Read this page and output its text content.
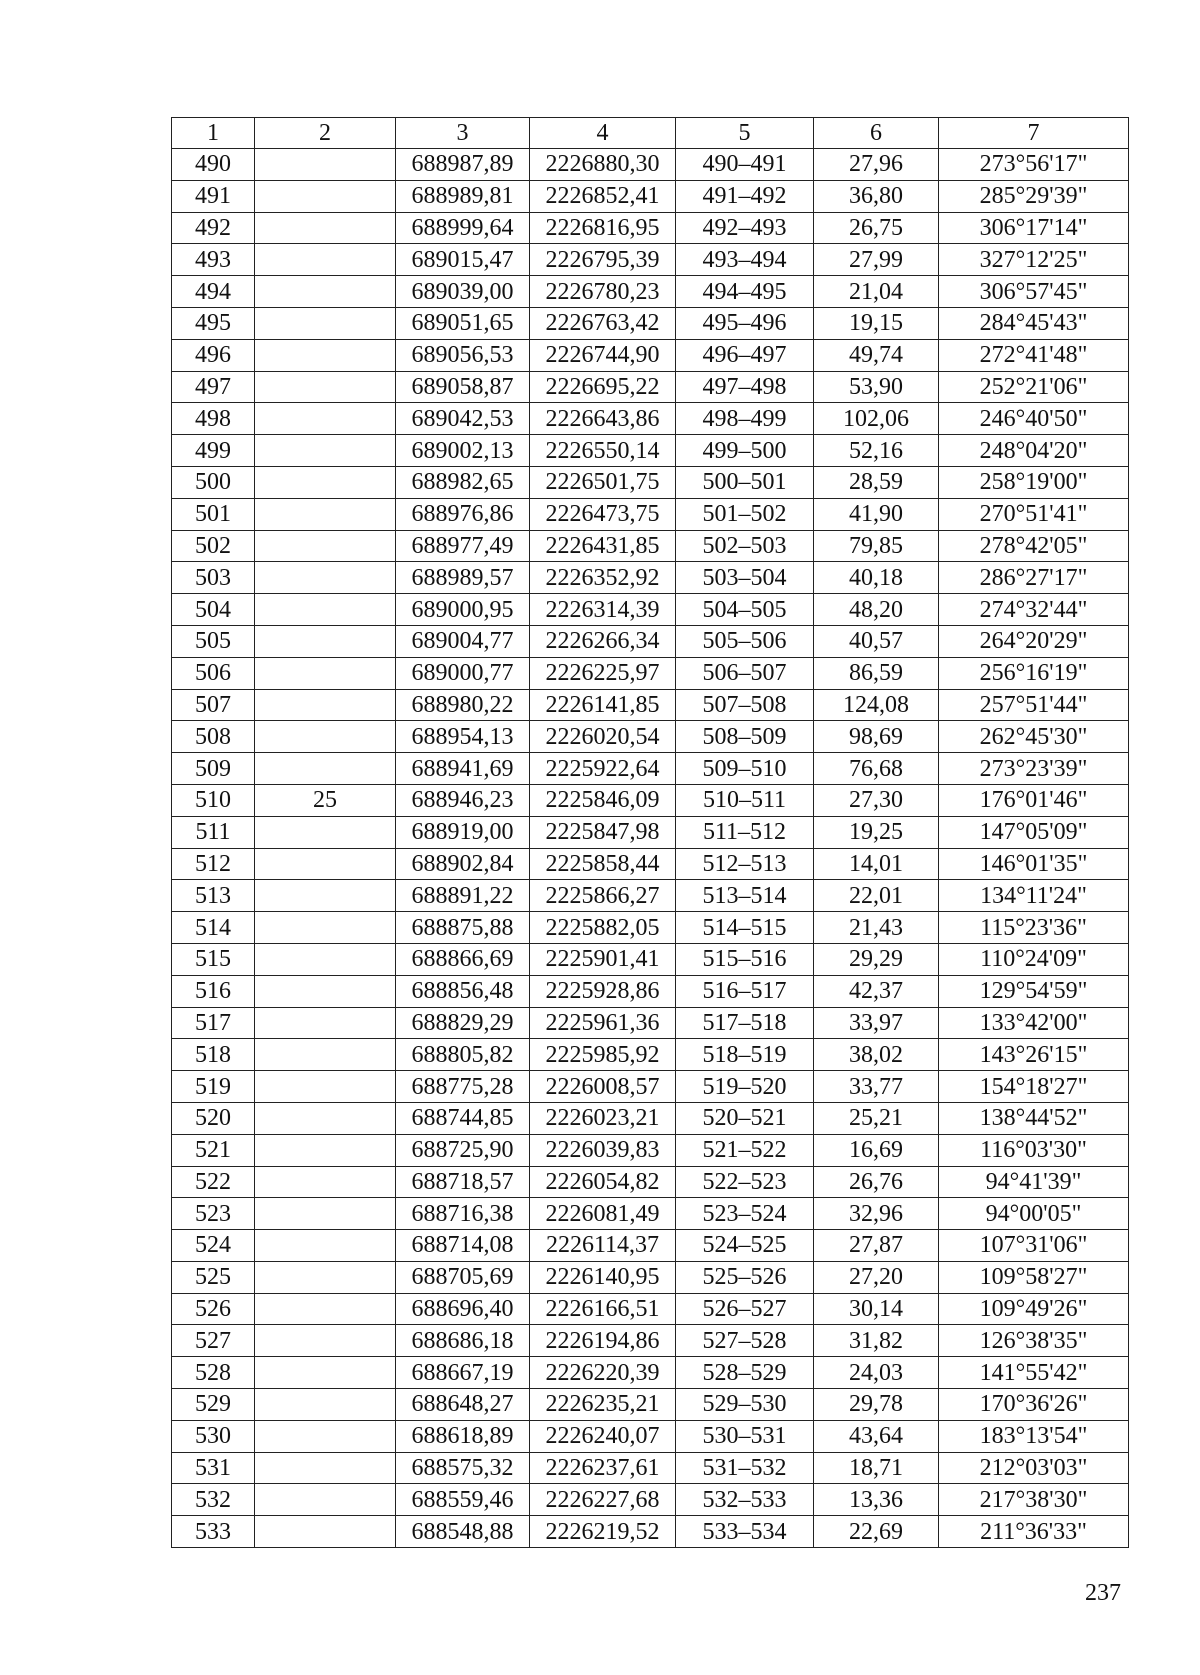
1	2	3	4	5	6	7
490		688987,89	2226880,30	490–491	27,96	273°56'17"
491		688989,81	2226852,41	491–492	36,80	285°29'39"
492		688999,64	2226816,95	492–493	26,75	306°17'14"
493		689015,47	2226795,39	493–494	27,99	327°12'25"
494		689039,00	2226780,23	494–495	21,04	306°57'45"
495		689051,65	2226763,42	495–496	19,15	284°45'43"
496		689056,53	2226744,90	496–497	49,74	272°41'48"
497		689058,87	2226695,22	497–498	53,90	252°21'06"
498		689042,53	2226643,86	498–499	102,06	246°40'50"
499		689002,13	2226550,14	499–500	52,16	248°04'20"
500		688982,65	2226501,75	500–501	28,59	258°19'00"
501		688976,86	2226473,75	501–502	41,90	270°51'41"
502		688977,49	2226431,85	502–503	79,85	278°42'05"
503		688989,57	2226352,92	503–504	40,18	286°27'17"
504		689000,95	2226314,39	504–505	48,20	274°32'44"
505		689004,77	2226266,34	505–506	40,57	264°20'29"
506		689000,77	2226225,97	506–507	86,59	256°16'19"
507		688980,22	2226141,85	507–508	124,08	257°51'44"
508		688954,13	2226020,54	508–509	98,69	262°45'30"
509		688941,69	2225922,64	509–510	76,68	273°23'39"
510	25	688946,23	2225846,09	510–511	27,30	176°01'46"
511		688919,00	2225847,98	511–512	19,25	147°05'09"
512		688902,84	2225858,44	512–513	14,01	146°01'35"
513		688891,22	2225866,27	513–514	22,01	134°11'24"
514		688875,88	2225882,05	514–515	21,43	115°23'36"
515		688866,69	2225901,41	515–516	29,29	110°24'09"
516		688856,48	2225928,86	516–517	42,37	129°54'59"
517		688829,29	2225961,36	517–518	33,97	133°42'00"
518		688805,82	2225985,92	518–519	38,02	143°26'15"
519		688775,28	2226008,57	519–520	33,77	154°18'27"
520		688744,85	2226023,21	520–521	25,21	138°44'52"
521		688725,90	2226039,83	521–522	16,69	116°03'30"
522		688718,57	2226054,82	522–523	26,76	94°41'39"
523		688716,38	2226081,49	523–524	32,96	94°00'05"
524		688714,08	2226114,37	524–525	27,87	107°31'06"
525		688705,69	2226140,95	525–526	27,20	109°58'27"
526		688696,40	2226166,51	526–527	30,14	109°49'26"
527		688686,18	2226194,86	527–528	31,82	126°38'35"
528		688667,19	2226220,39	528–529	24,03	141°55'42"
529		688648,27	2226235,21	529–530	29,78	170°36'26"
530		688618,89	2226240,07	530–531	43,64	183°13'54"
531		688575,32	2226237,61	531–532	18,71	212°03'03"
532		688559,46	2226227,68	532–533	13,36	217°38'30"
533		688548,88	2226219,52	533–534	22,69	211°36'33"
237
